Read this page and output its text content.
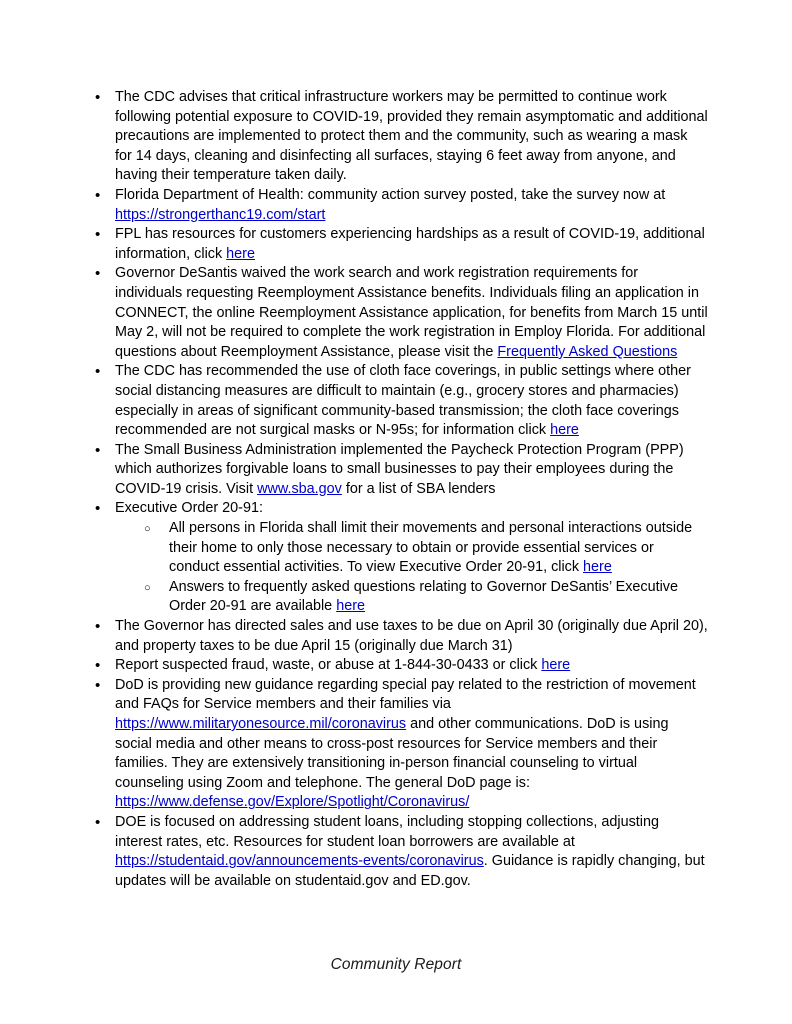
•
The CDC advises that critical infrastructure workers may be permitted to continue work following potential exposure to COVID-19, provided they remain asymptomatic and additional precautions are implemented to protect them and the community, such as wearing a mask for 14 days, cleaning and disinfecting all surfaces, staying 6 feet away from anyone, and having their temperature taken daily.
•
Florida Department of Health: community action survey posted, take the survey now at https://strongerthanc19.com/start
•
FPL has resources for customers experiencing hardships as a result of COVID-19, additional information, click here
•
Governor DeSantis waived the work search and work registration requirements for individuals requesting Reemployment Assistance benefits. Individuals filing an application in CONNECT, the online Reemployment Assistance application, for benefits from March 15 until May 2, will not be required to complete the work registration in Employ Florida. For additional questions about Reemployment Assistance, please visit the Frequently Asked Questions
•
The CDC has recommended the use of cloth face coverings, in public settings where other social distancing measures are difficult to maintain (e.g., grocery stores and pharmacies) especially in areas of significant community-based transmission; the cloth face coverings recommended are not surgical masks or N-95s; for information click here
•
The Small Business Administration implemented the Paycheck Protection Program (PPP) which authorizes forgivable loans to small businesses to pay their employees during the COVID-19 crisis. Visit www.sba.gov for a list of SBA lenders
•
Executive Order 20-91:
○
All persons in Florida shall limit their movements and personal interactions outside their home to only those necessary to obtain or provide essential services or conduct essential activities. To view Executive Order 20-91, click here
○
Answers to frequently asked questions relating to Governor DeSantis’ Executive Order 20-91 are available here
•
The Governor has directed sales and use taxes to be due on April 30 (originally due April 20), and property taxes to be due April 15 (originally due March 31)
•
Report suspected fraud, waste, or abuse at 1-844-30-0433 or click here
•
DoD is providing new guidance regarding special pay related to the restriction of movement and FAQs for Service members and their families via https://www.militaryonesource.mil/coronavirus and other communications. DoD is using social media and other means to cross-post resources for Service members and their families. They are extensively transitioning in-person financial counseling to virtual counseling using Zoom and telephone. The general DoD page is: https://www.defense.gov/Explore/Spotlight/Coronavirus/
•
DOE is focused on addressing student loans, including stopping collections, adjusting interest rates, etc. Resources for student loan borrowers are available at https://studentaid.gov/announcements-events/coronavirus. Guidance is rapidly changing, but updates will be available on studentaid.gov and ED.gov.
Community Report
